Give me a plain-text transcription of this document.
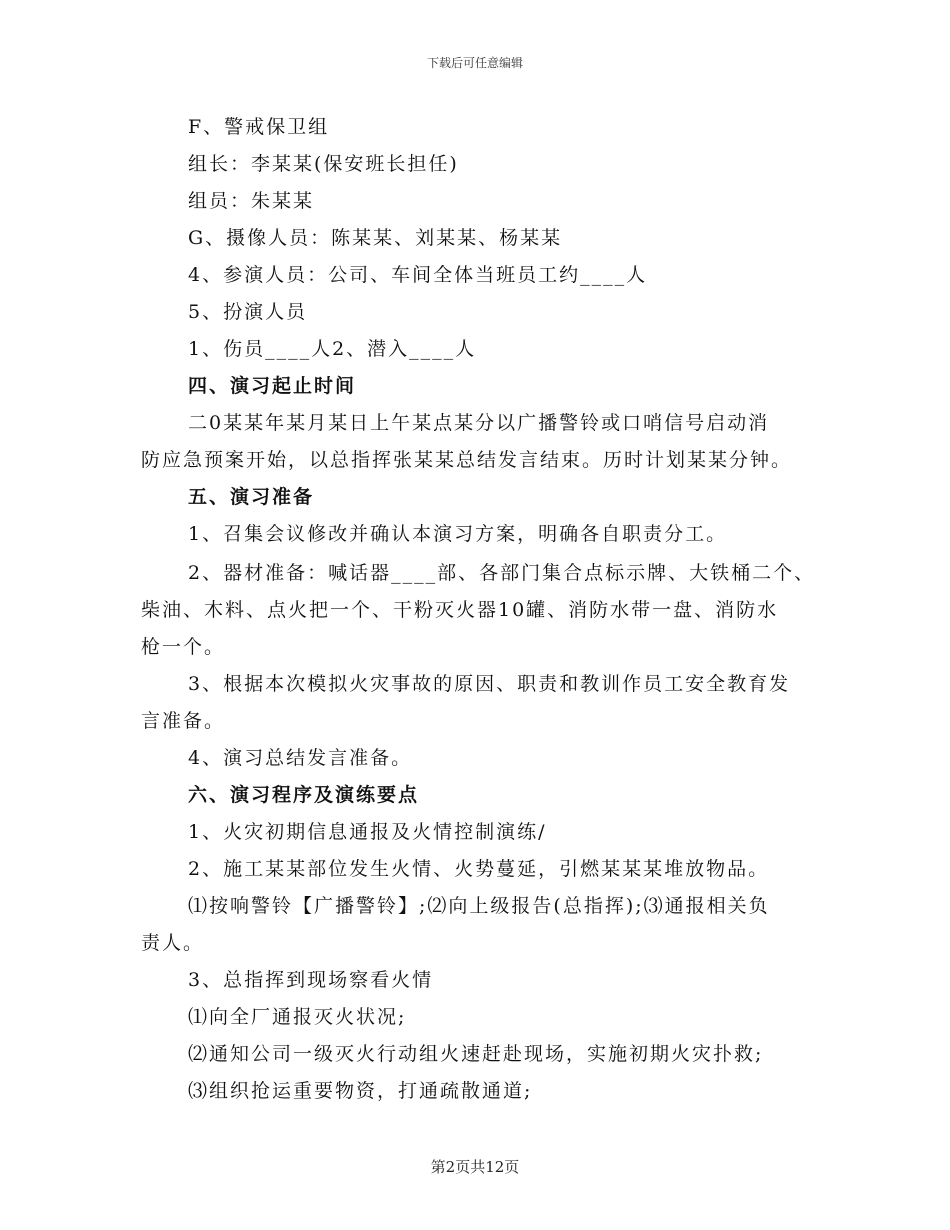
下载后可任意编辑
F、警戒保卫组
组长：李某某(保安班长担任)
组员：朱某某
G、摄像人员：陈某某、刘某某、杨某某
4、参演人员：公司、车间全体当班员工约____人
5、扮演人员
1、伤员____人2、潜入____人
四、演习起止时间
二0某某年某月某日上午某点某分以广播警铃或口哨信号启动消
防应急预案开始，以总指挥张某某总结发言结束。历时计划某某分钟。
五、演习准备
1、召集会议修改并确认本演习方案，明确各自职责分工。
2、器材准备：喊话器____部、各部门集合点标示牌、大铁桶二个、
柴油、木料、点火把一个、干粉灭火器10罐、消防水带一盘、消防水
枪一个。
3、根据本次模拟火灾事故的原因、职责和教训作员工安全教育发
言准备。
4、演习总结发言准备。
六、演习程序及演练要点
1、火灾初期信息通报及火情控制演练/
2、施工某某部位发生火情、火势蔓延，引燃某某某堆放物品。
⑴按响警铃【广播警铃】;⑵向上级报告(总指挥);⑶通报相关负
责人。
3、总指挥到现场察看火情
⑴向全厂通报灭火状况;
⑵通知公司一级灭火行动组火速赶赴现场，实施初期火灾扑救;
⑶组织抢运重要物资，打通疏散通道;
第2页共12页
